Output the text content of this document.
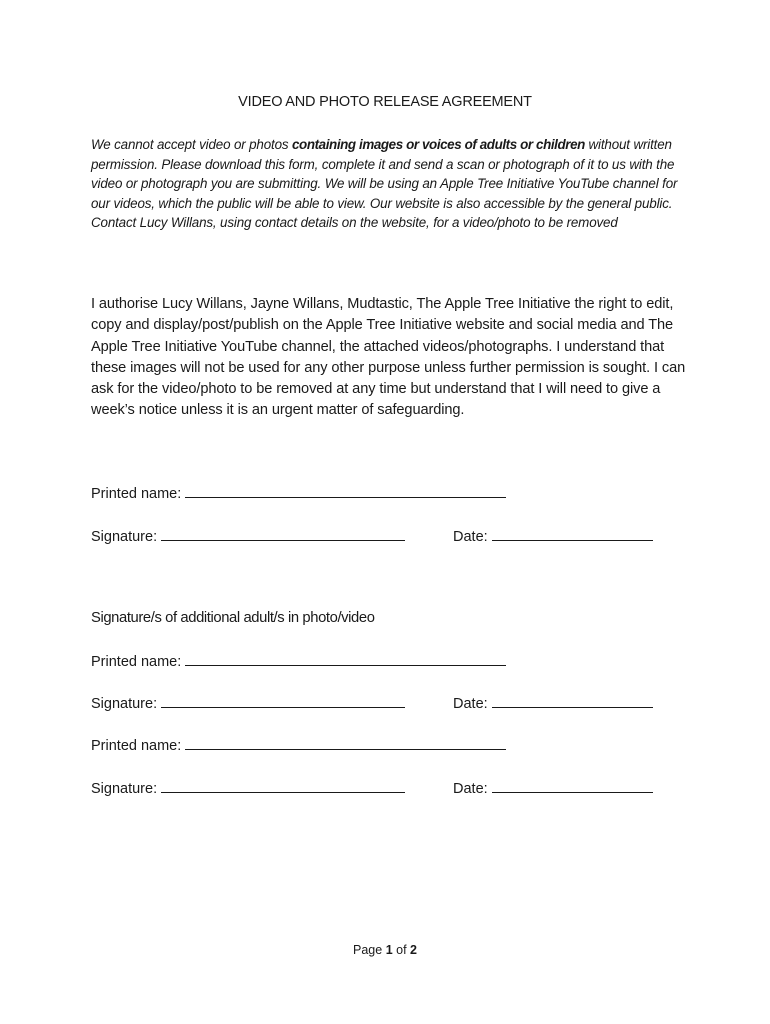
VIDEO AND PHOTO RELEASE AGREEMENT
We cannot accept video or photos containing images or voices of adults or children without written permission. Please download this form, complete it and send a scan or photograph of it to us with the video or photograph you are submitting. We will be using an Apple Tree Initiative YouTube channel for our videos, which the public will be able to view. Our website is also accessible by the general public. Contact Lucy Willans, using contact details on the website, for a video/photo to be removed
I authorise Lucy Willans, Jayne Willans, Mudtastic, The Apple Tree Initiative the right to edit, copy and display/post/publish on the Apple Tree Initiative website and social media and The Apple Tree Initiative YouTube channel, the attached videos/photographs. I understand that these images will not be used for any other purpose unless further permission is sought. I can ask for the video/photo to be removed at any time but understand that I will need to give a week’s notice unless it is an urgent matter of safeguarding.
Printed name:
Signature:	Date:
Signature/s of additional adult/s in photo/video
Printed name:
Signature:	Date:
Printed name:
Signature:	Date:
Page 1 of 2
